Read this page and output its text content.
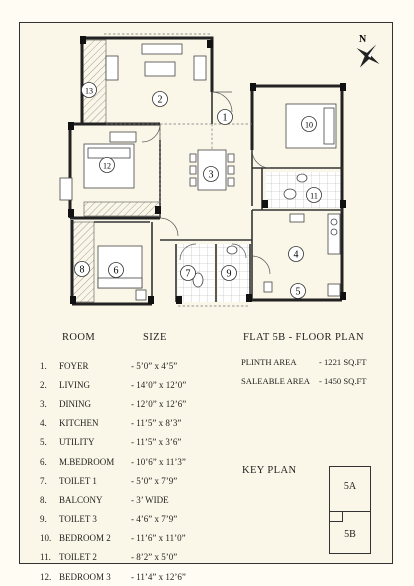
1
2
3
4
5
6	7
8	9
10
11
12
13
N
ROOM	SIZE	FLAT 5B - FLOOR PLAN
1.	FOYER	- 5’0” x 4’5”
2.	LIVING	- 14’0” x 12’0”
3.	DINING	- 12’0” x 12’6”
4.	KITCHEN	- 11’5” x 8’3”
5.	UTILITY	- 11’5” x 3’6”
6.	M.BEDROOM	- 10’6” x 11’3”
7.	TOILET 1	- 5’0” x 7’9”
8.	BALCONY	- 3’ WIDE
9.	TOILET 3	- 4’6” x 7’9”
10. BEDROOM 2	- 11’6” x 11’0”
11. TOILET 2	- 8’2” x 5’0”
12. BEDROOM 3	- 11’4” x 12’6”
PLINTH AREA	- 1221 SQ.FT
SALEABLE AREA	- 1450 SQ.FT
KEY PLAN
5A
5B
